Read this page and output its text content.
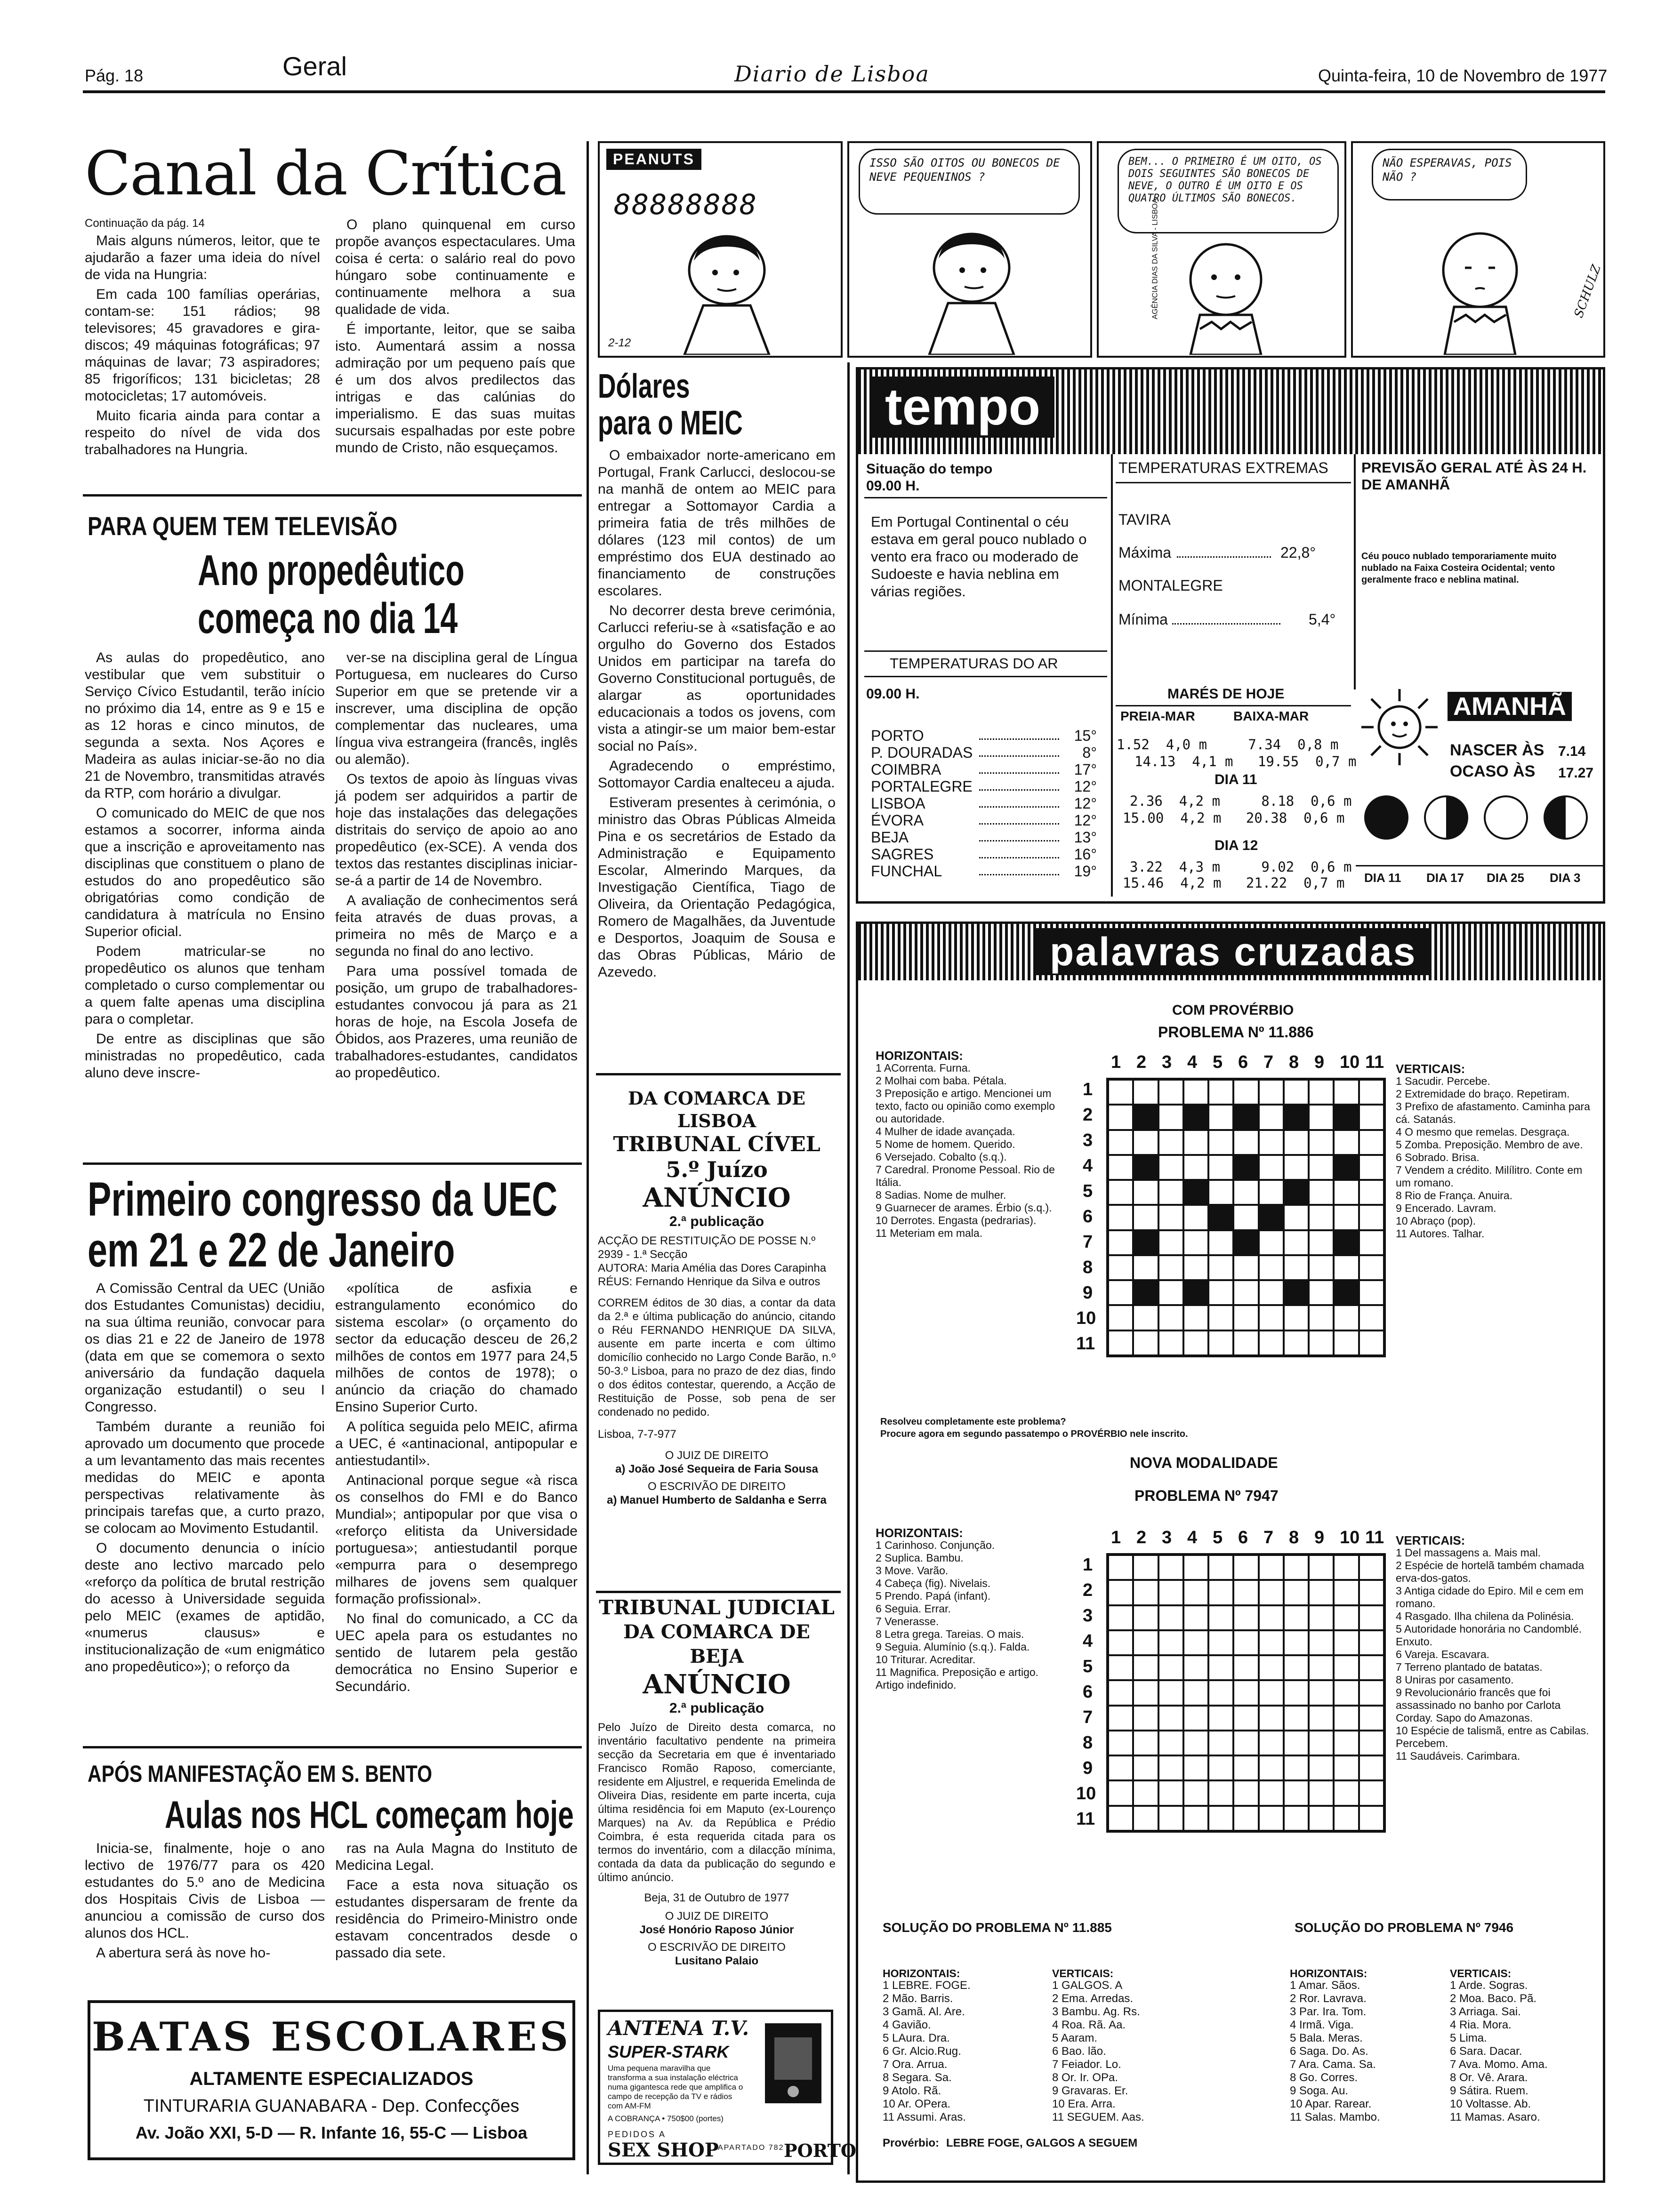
Pág. 18	Geral	Diario de Lisboa	Quinta-feira, 10 de Novembro de 1977
Canal da Crítica
Continuação da pág. 14

Mais alguns números, leitor, que te ajudarão a fazer uma ideia do nível de vida na Hungria:

Em cada 100 famílias operárias, contam-se: 151 rádios; 98 televisores; 45 gravadores e gira-discos; 49 máquinas fotográficas; 97 máquinas de lavar; 73 aspiradores; 85 frigoríficos; 131 bicicletas; 28 motocicletas; 17 automóveis.

Muito ficaria ainda para contar a respeito do nível de vida dos trabalhadores na Hungria.

O plano quinquenal em curso propõe avanços espectaculares. Uma coisa é certa: o salário real do povo húngaro sobe continuamente e continuamente melhora a sua qualidade de vida.

É importante, leitor, que se saiba isto. Aumentará assim a nossa admiração por um pequeno país que é um dos alvos predilectos das intrigas e das calúnias do imperialismo. E das suas muitas sucursais espalhadas por este pobre mundo de Cristo, não esqueçamos.

PARA QUEM TEM TELEVISÃO
Ano propedêutico
começa no dia 14

As aulas do propedêutico, ano vestibular que vem substituir o Serviço Cívico Estudantil, terão início no próximo dia 14, entre as 9 e 15 e as 12 horas e cinco minutos, de segunda a sexta. Nos Açores e Madeira as aulas iniciar-se-ão no dia 21 de Novembro, transmitidas através da RTP, com horário a divulgar.

O comunicado do MEIC de que nos estamos a socorrer, informa ainda que a inscrição e aproveitamento nas disciplinas que constituem o plano de estudos do ano propedêutico são obrigatórias como condição de candidatura à matrícula no Ensino Superior oficial.

Podem matricular-se no propedêutico os alunos que tenham completado o curso complementar ou a quem falte apenas uma disciplina para o completar.

De entre as disciplinas que são ministradas no propedêutico, cada aluno deve inscre-

ver-se na disciplina geral de Língua Portuguesa, em nucleares do Curso Superior em que se pretende vir a inscrever, uma disciplina de opção complementar das nucleares, uma língua viva estrangeira (francês, inglês ou alemão).

Os textos de apoio às línguas vivas já podem ser adquiridos a partir de hoje das instalações das delegações distritais do serviço de apoio ao ano propedêutico (ex-SCE). A venda dos textos das restantes disciplinas iniciar-se-á a partir de 14 de Novembro.

A avaliação de conhecimentos será feita através de duas provas, a primeira no mês de Março e a segunda no final do ano lectivo.

Para uma possível tomada de posição, um grupo de trabalhadores-estudantes convocou já para as 21 horas de hoje, na Escola Josefa de Óbidos, aos Prazeres, uma reunião de trabalhadores-estudantes, candidatos ao propedêutico.

Primeiro congresso da UEC
em 21 e 22 de Janeiro

A Comissão Central da UEC (União dos Estudantes Comunistas) decidiu, na sua última reunião, convocar para os dias 21 e 22 de Janeiro de 1978 (data em que se comemora o sexto aniversário da fundação daquela organização estudantil) o seu I Congresso.

Também durante a reunião foi aprovado um documento que procede a um levantamento das mais recentes medidas do MEIC e aponta perspectivas relativamente às principais tarefas que, a curto prazo, se colocam ao Movimento Estudantil.

O documento denuncia o início deste ano lectivo marcado pelo «reforço da política de brutal restrição do acesso à Universidade seguida pelo MEIC (exames de aptidão, «numerus clausus» e institucionalização de «um enigmático ano propedêutico»); o reforço da

«política de asfixia e estrangulamento económico do sistema escolar» (o orçamento do sector da educação desceu de 26,2 milhões de contos em 1977 para 24,5 milhões de contos de 1978); o anúncio da criação do chamado Ensino Superior Curto.

A política seguida pelo MEIC, afirma a UEC, é «antinacional, antipopular e antiestudantil».

Antinacional porque segue «à risca os conselhos do FMI e do Banco Mundial»; antipopular por que visa o «reforço elitista da Universidade portuguesa»; antiestudantil porque «empurra para o desemprego milhares de jovens sem qualquer formação profissional».

No final do comunicado, a CC da UEC apela para os estudantes no sentido de lutarem pela gestão democrática no Ensino Superior e Secundário.

APÓS MANIFESTAÇÃO EM S. BENTO
Aulas nos HCL começam hoje

Inicia-se, finalmente, hoje o ano lectivo de 1976/77 para os 420 estudantes do 5.º ano de Medicina dos Hospitais Civis de Lisboa — anunciou a comissão de curso dos alunos dos HCL.

A abertura será às nove ho-

ras na Aula Magna do Instituto de Medicina Legal.

Face a esta nova situação os estudantes dispersaram de frente da residência do Primeiro-Ministro onde estavam concentrados desde o passado dia sete.

BATAS ESCOLARES
ALTAMENTE ESPECIALIZADOS
TINTURARIA GUANABARA - Dep. Confecções
Av. João XXI, 5-D — R. Infante 16, 55-C — Lisboa
PEANUTS
88888888
2-12
ISSO SÃO OITOS OU BONECOS DE NEVE PEQUENINOS ?
BEM... O PRIMEIRO É UM OITO, OS DOIS SEGUINTES SÃO BONECOS DE NEVE, O OUTRO É UM OITO E OS QUATRO ÚLTIMOS SÃO BONECOS.
AGÊNCIA DIAS DA SILVA - LISBOA
NÃO ESPERAVAS, POIS NÃO ?
SCHULZ
Dólares
para o MEIC

O embaixador norte-americano em Portugal, Frank Carlucci, deslocou-se na manhã de ontem ao MEIC para entregar a Sottomayor Cardia a primeira fatia de três milhões de dólares (123 mil contos) de um empréstimo dos EUA destinado ao financiamento de construções escolares.

No decorrer desta breve cerimónia, Carlucci referiu-se à «satisfação e ao orgulho do Governo dos Estados Unidos em participar na tarefa do Governo Constitucional português, de alargar as oportunidades educacionais a todos os jovens, com vista a atingir-se um maior bem-estar social no País».

Agradecendo o empréstimo, Sottomayor Cardia enalteceu a ajuda.

Estiveram presentes à cerimónia, o ministro das Obras Públicas Almeida Pina e os secretários de Estado da Administração e Equipamento Escolar, Almerindo Marques, da Investigação Científica, Tiago de Oliveira, da Orientação Pedagógica, Romero de Magalhães, da Juventude e Desportos, Joaquim de Sousa e das Obras Públicas, Mário de Azevedo.

DA COMARCA DE LISBOA
TRIBUNAL CÍVEL
5.º Juízo
ANÚNCIO
2.ª publicação
ACÇÃO DE RESTITUIÇÃO DE POSSE N.º 2939 - 1.ª Secção
AUTORA: Maria Amélia das Dores Carapinha
RÉUS: Fernando Henrique da Silva e outros
CORREM éditos de 30 dias, a contar da data da 2.ª e última publicação do anúncio, citando o Réu FERNANDO HENRIQUE DA SILVA, ausente em parte incerta e com último domicílio conhecido no Largo Conde Barão, n.º 50-3.º Lisboa, para no prazo de dez dias, findo o dos éditos contestar, querendo, a Acção de Restituição de Posse, sob pena de ser condenado no pedido.
Lisboa, 7-7-977
O JUIZ DE DIREITO
a) João José Sequeira de Faria Sousa
O ESCRIVÃO DE DIREITO
a) Manuel Humberto de Saldanha e Serra
TRIBUNAL JUDICIAL
DA COMARCA DE BEJA
ANÚNCIO
2.ª publicação
Pelo Juízo de Direito desta comarca, no inventário facultativo pendente na primeira secção da Secretaria em que é inventariado Francisco Romão Raposo, comerciante, residente em Aljustrel, e requerida Emelinda de Oliveira Dias, residente em parte incerta, cuja última residência foi em Maputo (ex-Lourenço Marques) na Av. da República e Prédio Coimbra, é esta requerida citada para os termos do inventário, com a dilacção mínima, contada da data da publicação do segundo e último anúncio.
Beja, 31 de Outubro de 1977
O JUIZ DE DIREITO
José Honório Raposo Júnior
O ESCRIVÃO DE DIREITO
Lusitano Palaio
ANTENA T.V.
SUPER-STARK
Uma pequena maravilha que transforma a sua instalação eléctrica numa gigantesca rede que amplifica o campo de recepção da TV e rádios com AM-FM
A COBRANÇA • 750$00 (portes)
PEDIDOS A
SEX SHOP
APARTADO 782 PORTO
tempo
Situação do tempo
09.00 H.
Em Portugal Continental o céu estava em geral pouco nublado o vento era fraco ou moderado de Sudoeste e havia neblina em várias regiões.
TEMPERATURAS EXTREMAS
TAVIRA
Máxima	22,8°
MONTALEGRE
Mínima	5,4°
PREVISÃO GERAL ATÉ ÀS 24 H. DE AMANHÃ
Céu pouco nublado temporariamente muito nublado na Faixa Costeira Ocidental; vento geralmente fraco e neblina matinal.
TEMPERATURAS DO AR
09.00 H.
PORTO	15°
P. DOURADAS	8°
COIMBRA	17°
PORTALEGRE	12°
LISBOA	12°
ÉVORA	12°
BEJA	13°
SAGRES	16°
FUNCHAL	19°
MARÉS DE HOJE
PREIA-MAR	BAIXA-MAR
1.52  4,0 m     7.34  0,8 m
14.13  4,1 m   19.55  0,7 m
DIA 11
2.36  4,2 m     8.18  0,6 m
15.00  4,2 m   20.38  0,6 m
DIA 12
3.22  4,3 m     9.02  0,6 m
15.46  4,2 m   21.22  0,7 m
AMANHÃ
NASCER ÀS 7.14
OCASO ÀS 17.27
DIA 11 DIA 17 DIA 25 DIA 3
palavras cruzadas
COM PROVÉRBIO
PROBLEMA Nº 11.886
HORIZONTAIS:
1 ACorrenta. Furna.
2 Molhai com baba. Pétala.
3 Preposição e artigo. Mencionei um texto, facto ou opinião como exemplo ou autoridade.
4 Mulher de idade avançada.
5 Nome de homem. Querido.
6 Versejado. Cobalto (s.q.).
7 Caredral. Pronome Pessoal. Rio de Itália.
8 Sadias. Nome de mulher.
9 Guarnecer de arames. Érbio (s.q.).
10 Derrotes. Engasta (pedrarias).
11 Meteriam em mala.
VERTICAIS:
1 Sacudir. Percebe.
2 Extremidade do braço. Repetiram.
3 Prefixo de afastamento. Caminha para cá. Satanás.
4 O mesmo que remelas. Desgraça.
5 Zomba. Preposição. Membro de ave.
6 Sobrado. Brisa.
7 Vendem a crédito. Milílitro. Conte em um romano.
8 Rio de França. Anuira.
9 Encerado. Lavram.
10 Abraço (pop).
11 Autores. Talhar.
1 2 3 4 5 6 7 8 9 10 11
1
2
3
4
5
6
7
8
9
10
11
Resolveu completamente este problema?
Procure agora em segundo passatempo o PROVÉRBIO nele inscrito.
NOVA MODALIDADE
PROBLEMA Nº 7947
HORIZONTAIS:
1 Carinhoso. Conjunção.
2 Suplica. Bambu.
3 Move. Varão.
4 Cabeça (fig). Nivelais.
5 Prendo. Papá (infant).
6 Seguia. Errar.
7 Venerasse.
8 Letra grega. Tareias. O mais.
9 Seguia. Alumínio (s.q.). Falda.
10 Triturar. Acreditar.
11 Magnifica. Preposição e artigo. Artigo indefinido.
VERTICAIS:
1 Del massagens a. Mais mal.
2 Espécie de hortelã também chamada erva-dos-gatos.
3 Antiga cidade do Epiro. Mil e cem em romano.
4 Rasgado. Ilha chilena da Polinésia.
5 Autoridade honorária no Candomblé. Enxuto.
6 Vareja. Escavara.
7 Terreno plantado de batatas.
8 Uniras por casamento.
9 Revolucionário francês que foi assassinado no banho por Carlota Corday. Sapo do Amazonas.
10 Espécie de talismã, entre as Cabilas. Percebem.
11 Saudáveis. Carimbara.
1 2 3 4 5 6 7 8 9 10 11
1
2
3
4
5
6
7
8
9
10
11
SOLUÇÃO DO PROBLEMA Nº 11.885
HORIZONTAIS:
1 LEBRE. FOGE.
2 Mão. Barris.
3 Gamã. Al. Are.
4 Gavião.
5 LAura. Dra.
6 Gr. Alcio.Rug.
7 Ora. Arrua.
8 Segara. Sa.
9 Atolo. Rã.
10 Ar. OPera.
11 Assumi. Aras.
VERTICAIS:
1 GALGOS. A
2 Ema. Arredas.
3 Bambu. Ag. Rs.
4 Roa. Rã. Aa.
5 Aaram.
6 Bao. lão.
7 Feiador. Lo.
8 Or. Ir. OPa.
9 Gravaras. Er.
10 Era. Arra.
11 SEGUEM. Aas.
SOLUÇÃO DO PROBLEMA Nº 7946
HORIZONTAIS:
1 Amar. Sãos.
2 Ror. Lavrava.
3 Par. Ira. Tom.
4 Irmã. Viga.
5 Bala. Meras.
6 Saga. Do. As.
7 Ara. Cama. Sa.
8 Go. Corres.
9 Soga. Au.
10 Apar. Rarear.
11 Salas. Mambo.
VERTICAIS:
1 Arde. Sogras.
2 Moa. Baco. Pã.
3 Arriaga. Sai.
4 Ria. Mora.
5 Lima.
6 Sara. Dacar.
7 Ava. Momo. Ama.
8 Or. Vê. Arara.
9 Sátira. Ruem.
10 Voltasse. Ab.
11 Mamas. Asaro.
Provérbio: LEBRE FOGE, GALGOS A SEGUEM
